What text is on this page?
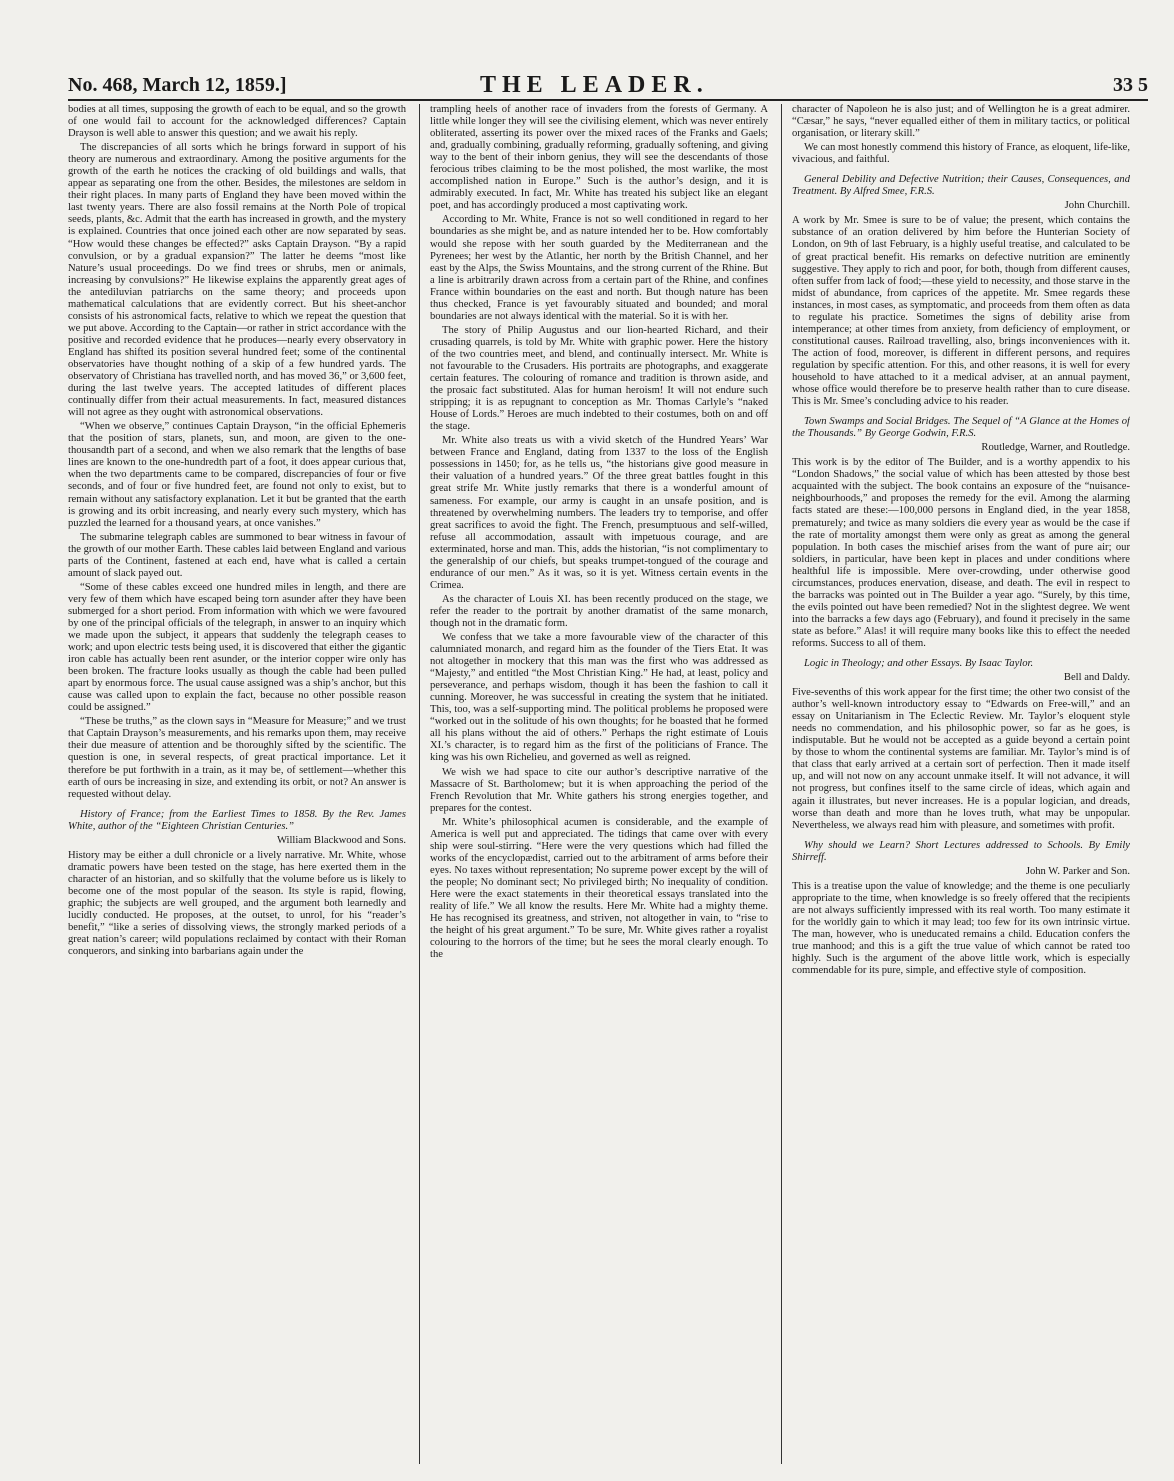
No. 468, March 12, 1859.]	THE LEADER.	33 5

bodies at all times, supposing the growth of each to be equal, and so the growth of one would fail to account for the acknowledged differences? Captain Drayson is well able to answer this question; and we await his reply.

The discrepancies of all sorts which he brings forward in support of his theory are numerous and extraordinary. Among the positive arguments for the growth of the earth he notices the cracking of old buildings and walls, that appear as separating one from the other. Besides, the milestones are seldom in their right places. In many parts of England they have been moved within the last twenty years. There are also fossil remains at the North Pole of tropical seeds, plants, &c. Admit that the earth has increased in growth, and the mystery is explained. Countries that once joined each other are now separated by seas. “How would these changes be effected?” asks Captain Drayson. “By a rapid convulsion, or by a gradual expansion?” The latter he deems “most like Nature’s usual proceedings. Do we find trees or shrubs, men or animals, increasing by convulsions?” He likewise explains the apparently great ages of the antediluvian patriarchs on the same theory; and proceeds upon mathematical calculations that are evidently correct. But his sheet-anchor consists of his astronomical facts, relative to which we repeat the question that we put above. According to the Captain—or rather in strict accordance with the positive and recorded evidence that he produces—nearly every observatory in England has shifted its position several hundred feet; some of the continental observatories have thought nothing of a skip of a few hundred yards. The observatory of Christiana has travelled north, and has moved 36,” or 3,600 feet, during the last twelve years. The accepted latitudes of different places continually differ from their actual measurements. In fact, measured distances will not agree as they ought with astronomical observations.

“When we observe,” continues Captain Drayson, “in the official Ephemeris that the position of stars, planets, sun, and moon, are given to the one-thousandth part of a second, and when we also remark that the lengths of base lines are known to the one-hundredth part of a foot, it does appear curious that, when the two departments came to be compared, discrepancies of four or five seconds, and of four or five hundred feet, are found not only to exist, but to remain without any satisfactory explanation. Let it but be granted that the earth is growing and its orbit increasing, and nearly every such mystery, which has puzzled the learned for a thousand years, at once vanishes.”

The submarine telegraph cables are summoned to bear witness in favour of the growth of our mother Earth. These cables laid between England and various parts of the Continent, fastened at each end, have what is called a certain amount of slack payed out.

“Some of these cables exceed one hundred miles in length, and there are very few of them which have escaped being torn asunder after they have been submerged for a short period. From information with which we were favoured by one of the principal officials of the telegraph, in answer to an inquiry which we made upon the subject, it appears that suddenly the telegraph ceases to work; and upon electric tests being used, it is discovered that either the gigantic iron cable has actually been rent asunder, or the interior copper wire only has been broken. The fracture looks usually as though the cable had been pulled apart by enormous force. The usual cause assigned was a ship’s anchor, but this cause was called upon to explain the fact, because no other possible reason could be assigned.”

“These be truths,” as the clown says in “Measure for Measure;” and we trust that Captain Drayson’s measurements, and his remarks upon them, may receive their due measure of attention and be thoroughly sifted by the scientific. The question is one, in several respects, of great practical importance. Let it therefore be put forthwith in a train, as it may be, of settlement—whether this earth of ours be increasing in size, and extending its orbit, or not? An answer is requested without delay.

History of France; from the Earliest Times to 1858. By the Rev. James White, author of the “Eighteen Christian Centuries.”

William Blackwood and Sons.

History may be either a dull chronicle or a lively narrative. Mr. White, whose dramatic powers have been tested on the stage, has here exerted them in the character of an historian, and so skilfully that the volume before us is likely to become one of the most popular of the season. Its style is rapid, flowing, graphic; the subjects are well grouped, and the argument both learnedly and lucidly conducted. He proposes, at the outset, to unrol, for his “reader’s benefit,” “like a series of dissolving views, the strongly marked periods of a great nation’s career; wild populations reclaimed by contact with their Roman conquerors, and sinking into barbarians again under the

trampling heels of another race of invaders from the forests of Germany. A little while longer they will see the civilising element, which was never entirely obliterated, asserting its power over the mixed races of the Franks and Gaels; and, gradually combining, gradually reforming, gradually softening, and giving way to the bent of their inborn genius, they will see the descendants of those ferocious tribes claiming to be the most polished, the most warlike, the most accomplished nation in Europe.” Such is the author’s design, and it is admirably executed. In fact, Mr. White has treated his subject like an elegant poet, and has accordingly produced a most captivating work.

According to Mr. White, France is not so well conditioned in regard to her boundaries as she might be, and as nature intended her to be. How comfortably would she repose with her south guarded by the Mediterranean and the Pyrenees; her west by the Atlantic, her north by the British Channel, and her east by the Alps, the Swiss Mountains, and the strong current of the Rhine. But a line is arbitrarily drawn across from a certain part of the Rhine, and confines France within boundaries on the east and north. But though nature has been thus checked, France is yet favourably situated and bounded; and moral boundaries are not always identical with the material. So it is with her.

The story of Philip Augustus and our lion-hearted Richard, and their crusading quarrels, is told by Mr. White with graphic power. Here the history of the two countries meet, and blend, and continually intersect. Mr. White is not favourable to the Crusaders. His portraits are photographs, and exaggerate certain features. The colouring of romance and tradition is thrown aside, and the prosaic fact substituted. Alas for human heroism! It will not endure such stripping; it is as repugnant to conception as Mr. Thomas Carlyle’s “naked House of Lords.” Heroes are much indebted to their costumes, both on and off the stage.

Mr. White also treats us with a vivid sketch of the Hundred Years’ War between France and England, dating from 1337 to the loss of the English possessions in 1450; for, as he tells us, “the historians give good measure in their valuation of a hundred years.” Of the three great battles fought in this great strife Mr. White justly remarks that there is a wonderful amount of sameness. For example, our army is caught in an unsafe position, and is threatened by overwhelming numbers. The leaders try to temporise, and offer great sacrifices to avoid the fight. The French, presumptuous and self-willed, refuse all accommodation, assault with impetuous courage, and are exterminated, horse and man. This, adds the historian, “is not complimentary to the generalship of our chiefs, but speaks trumpet-tongued of the courage and endurance of our men.” As it was, so it is yet. Witness certain events in the Crimea.

As the character of Louis XI. has been recently produced on the stage, we refer the reader to the portrait by another dramatist of the same monarch, though not in the dramatic form.

We confess that we take a more favourable view of the character of this calumniated monarch, and regard him as the founder of the Tiers Etat. It was not altogether in mockery that this man was the first who was addressed as “Majesty,” and entitled “the Most Christian King.” He had, at least, policy and perseverance, and perhaps wisdom, though it has been the fashion to call it cunning. Moreover, he was successful in creating the system that he initiated. This, too, was a self-supporting mind. The political problems he proposed were “worked out in the solitude of his own thoughts; for he boasted that he formed all his plans without the aid of others.” Perhaps the right estimate of Louis XI.’s character, is to regard him as the first of the politicians of France. The king was his own Richelieu, and governed as well as reigned.

We wish we had space to cite our author’s descriptive narrative of the Massacre of St. Bartholomew; but it is when approaching the period of the French Revolution that Mr. White gathers his strong energies together, and prepares for the contest.

Mr. White’s philosophical acumen is considerable, and the example of America is well put and appreciated. The tidings that came over with every ship were soul-stirring. “Here were the very questions which had filled the works of the encyclopædist, carried out to the arbitrament of arms before their eyes. No taxes without representation; No supreme power except by the will of the people; No dominant sect; No privileged birth; No inequality of condition. Here were the exact statements in their theoretical essays translated into the reality of life.” We all know the results. Here Mr. White had a mighty theme. He has recognised its greatness, and striven, not altogether in vain, to “rise to the height of his great argument.” To be sure, Mr. White gives rather a royalist colouring to the horrors of the time; but he sees the moral clearly enough. To the

character of Napoleon he is also just; and of Wellington he is a great admirer. “Cæsar,” he says, “never equalled either of them in military tactics, or political organisation, or literary skill.”

We can most honestly commend this history of France, as eloquent, life-like, vivacious, and faithful.

General Debility and Defective Nutrition; their Causes, Consequences, and Treatment. By Alfred Smee, F.R.S.

John Churchill.

A work by Mr. Smee is sure to be of value; the present, which contains the substance of an oration delivered by him before the Hunterian Society of London, on 9th of last February, is a highly useful treatise, and calculated to be of great practical benefit. His remarks on defective nutrition are eminently suggestive. They apply to rich and poor, for both, though from different causes, often suffer from lack of food;—these yield to necessity, and those starve in the midst of abundance, from caprices of the appetite. Mr. Smee regards these instances, in most cases, as symptomatic, and proceeds from them often as data to regulate his practice. Sometimes the signs of debility arise from intemperance; at other times from anxiety, from deficiency of employment, or constitutional causes. Railroad travelling, also, brings inconveniences with it. The action of food, moreover, is different in different persons, and requires regulation by specific attention. For this, and other reasons, it is well for every household to have attached to it a medical adviser, at an annual payment, whose office would therefore be to preserve health rather than to cure disease. This is Mr. Smee’s concluding advice to his reader.

Town Swamps and Social Bridges. The Sequel of “A Glance at the Homes of the Thousands.” By George Godwin, F.R.S.

Routledge, Warner, and Routledge.

This work is by the editor of The Builder, and is a worthy appendix to his “London Shadows,” the social value of which has been attested by those best acquainted with the subject. The book contains an exposure of the “nuisance-neighbourhoods,” and proposes the remedy for the evil. Among the alarming facts stated are these:—100,000 persons in England died, in the year 1858, prematurely; and twice as many soldiers die every year as would be the case if the rate of mortality amongst them were only as great as among the general population. In both cases the mischief arises from the want of pure air; our soldiers, in particular, have been kept in places and under conditions where healthful life is impossible. Mere over-crowding, under otherwise good circumstances, produces enervation, disease, and death. The evil in respect to the barracks was pointed out in The Builder a year ago. “Surely, by this time, the evils pointed out have been remedied? Not in the slightest degree. We went into the barracks a few days ago (February), and found it precisely in the same state as before.” Alas! it will require many books like this to effect the needed reforms. Success to all of them.

Logic in Theology; and other Essays. By Isaac Taylor.

Bell and Daldy.

Five-sevenths of this work appear for the first time; the other two consist of the author’s well-known introductory essay to “Edwards on Free-will,” and an essay on Unitarianism in The Eclectic Review. Mr. Taylor’s eloquent style needs no commendation, and his philosophic power, so far as he goes, is indisputable. But he would not be accepted as a guide beyond a certain point by those to whom the continental systems are familiar. Mr. Taylor’s mind is of that class that early arrived at a certain sort of perfection. Then it made itself up, and will not now on any account unmake itself. It will not advance, it will not progress, but confines itself to the same circle of ideas, which again and again it illustrates, but never increases. He is a popular logician, and dreads, worse than death and more than he loves truth, what may be unpopular. Nevertheless, we always read him with pleasure, and sometimes with profit.

Why should we Learn? Short Lectures addressed to Schools. By Emily Shirreff.

John W. Parker and Son.

This is a treatise upon the value of knowledge; and the theme is one peculiarly appropriate to the time, when knowledge is so freely offered that the recipients are not always sufficiently impressed with its real worth. Too many estimate it for the worldly gain to which it may lead; too few for its own intrinsic virtue. The man, however, who is uneducated remains a child. Education confers the true manhood; and this is a gift the true value of which cannot be rated too highly. Such is the argument of the above little work, which is especially commendable for its pure, simple, and effective style of composition.
